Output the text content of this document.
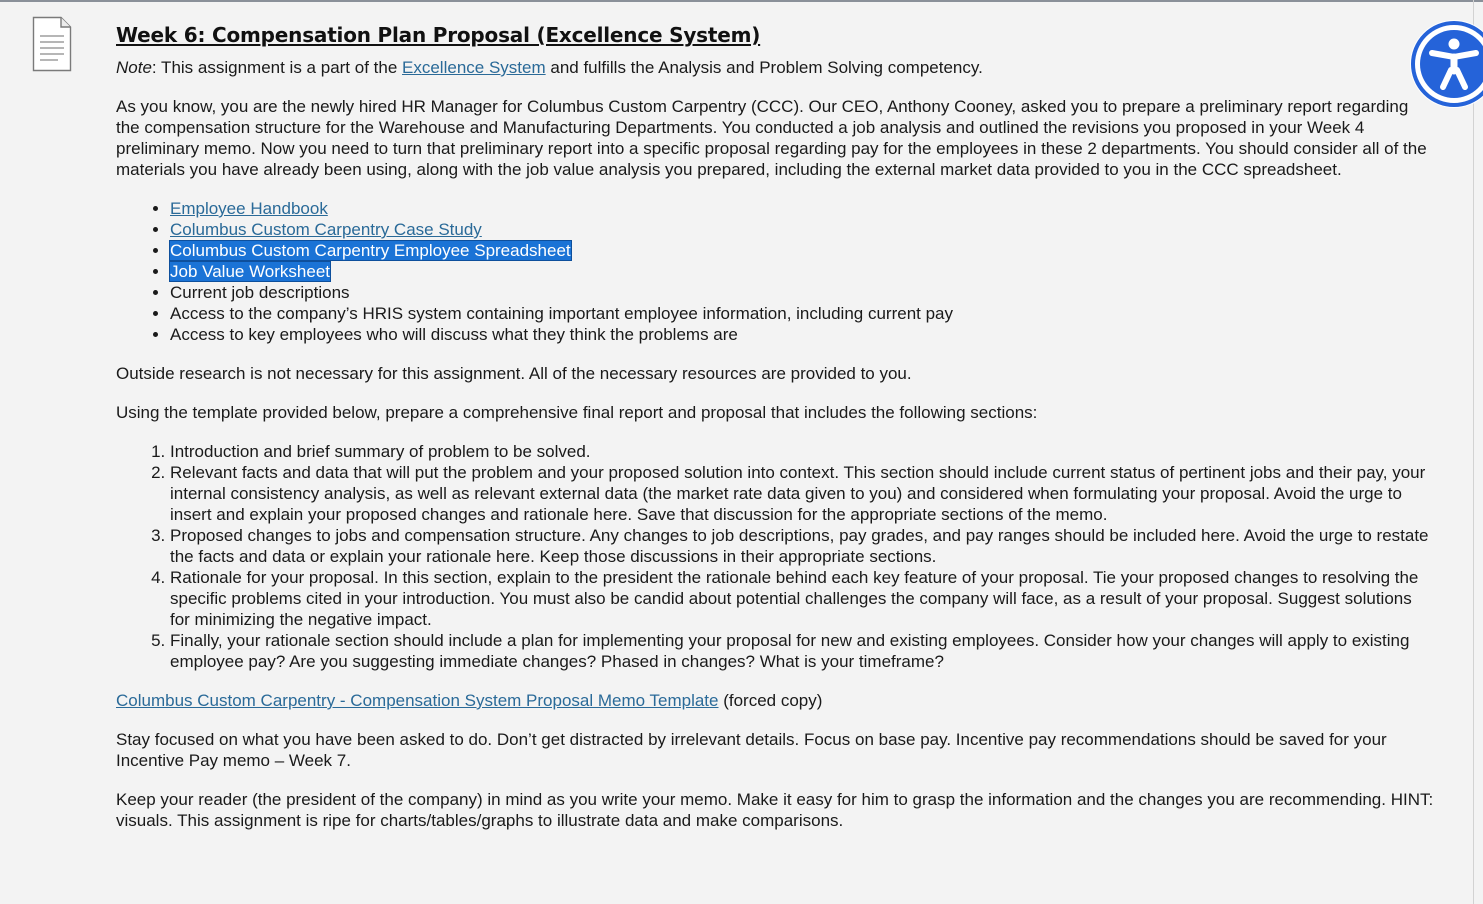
Week 6: Compensation Plan Proposal (Excellence System)

Note: This assignment is a part of the Excellence System and fulfills the Analysis and Problem Solving competency.

As you know, you are the newly hired HR Manager for Columbus Custom Carpentry (CCC). Our CEO, Anthony Cooney, asked you to prepare a preliminary report regarding the compensation structure for the Warehouse and Manufacturing Departments. You conducted a job analysis and outlined the revisions you proposed in your Week 4 preliminary memo. Now you need to turn that preliminary report into a specific proposal regarding pay for the employees in these 2 departments. You should consider all of the materials you have already been using, along with the job value analysis you prepared, including the external market data provided to you in the CCC spreadsheet.

• Employee Handbook
• Columbus Custom Carpentry Case Study
• Columbus Custom Carpentry Employee Spreadsheet
• Job Value Worksheet
• Current job descriptions
• Access to the company’s HRIS system containing important employee information, including current pay
• Access to key employees who will discuss what they think the problems are

Outside research is not necessary for this assignment. All of the necessary resources are provided to you.

Using the template provided below, prepare a comprehensive final report and proposal that includes the following sections:

1. Introduction and brief summary of problem to be solved.
2. Relevant facts and data that will put the problem and your proposed solution into context. This section should include current status of pertinent jobs and their pay, your internal consistency analysis, as well as relevant external data (the market rate data given to you) and considered when formulating your proposal. Avoid the urge to insert and explain your proposed changes and rationale here. Save that discussion for the appropriate sections of the memo.
3. Proposed changes to jobs and compensation structure. Any changes to job descriptions, pay grades, and pay ranges should be included here. Avoid the urge to restate the facts and data or explain your rationale here. Keep those discussions in their appropriate sections.
4. Rationale for your proposal. In this section, explain to the president the rationale behind each key feature of your proposal. Tie your proposed changes to resolving the specific problems cited in your introduction. You must also be candid about potential challenges the company will face, as a result of your proposal. Suggest solutions for minimizing the negative impact.
5. Finally, your rationale section should include a plan for implementing your proposal for new and existing employees. Consider how your changes will apply to existing employee pay? Are you suggesting immediate changes? Phased in changes? What is your timeframe?

Columbus Custom Carpentry - Compensation System Proposal Memo Template (forced copy)

Stay focused on what you have been asked to do. Don’t get distracted by irrelevant details. Focus on base pay. Incentive pay recommendations should be saved for your Incentive Pay memo – Week 7.

Keep your reader (the president of the company) in mind as you write your memo. Make it easy for him to grasp the information and the changes you are recommending. HINT: visuals. This assignment is ripe for charts/tables/graphs to illustrate data and make comparisons.
